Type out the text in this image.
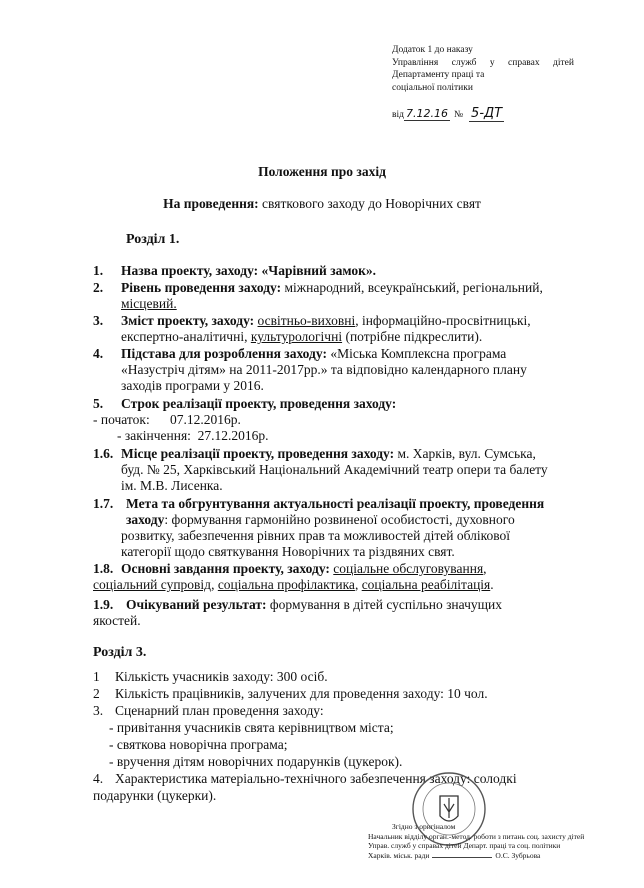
Додаток 1 до наказу
Управління служб у справах дітей
Департаменту праці та
соціальної політики
від 7.12.16 № 5-ДТ
Положення про захід
На проведення: святкового заходу до Новорічних свят
Розділ 1.
1. Назва проекту, заходу: «Чарівний замок».
2. Рівень проведення заходу: міжнародний, всеукраїнський, регіональний,
місцевий.
3. Зміст проекту, заходу: освітньо-виховні, інформаційно-просвітницькі,
експертно-аналітичні, культурологічні (потрібне підкреслити).
4. Підстава для розроблення заходу: «Міська Комплексна програма
«Назустріч дітям» на 2011-2017рр.» та відповідно календарного плану
заходів програми у 2016.
5. Строк реалізації проекту, проведення заходу:
- початок:      07.12.2016р.
- закінчення:  27.12.2016р.
1.6. Місце реалізації проекту, проведення заходу: м. Харків, вул. Сумська,
буд. № 25, Харківський Національний Академічний театр опери та балету
ім. М.В. Лисенка.
1.7. Мета та обгрунтування актуальності реалізації проекту, проведення
заходу: формування гармонійно розвиненої особистості, духовного
розвитку, забезпечення рівних прав та можливостей дітей облікової
категорії щодо святкування Новорічних та різдвяних свят.
1.8. Основні завдання проекту, заходу: соціальне обслуговування,
соціальний супровід, соціальна профілактика, соціальна реабілітація.
1.9. Очікуваний результат: формування в дітей суспільно значущих
якостей.
Розділ 3.
1 Кількість учасників заходу: 300 осіб.
2 Кількість працівників, залучених для проведення заходу: 10 чол.
3. Сценарний план проведення заходу:
- привітання учасників свята керівництвом міста;
- святкова новорічна програма;
- вручення дітям новорічних подарунків (цукерок).
4. Характеристика матеріально-технічного забезпечення заходу: солодкі
подарунки (цукерки).
Згідно з оригіналом
Начальник відділу орган.-метод. роботи з питань соц. захисту дітей
Управ. служб у справах дітей Департ. праці та соц. політики
Харків. міськ. ради	О.С. Зубрьова
